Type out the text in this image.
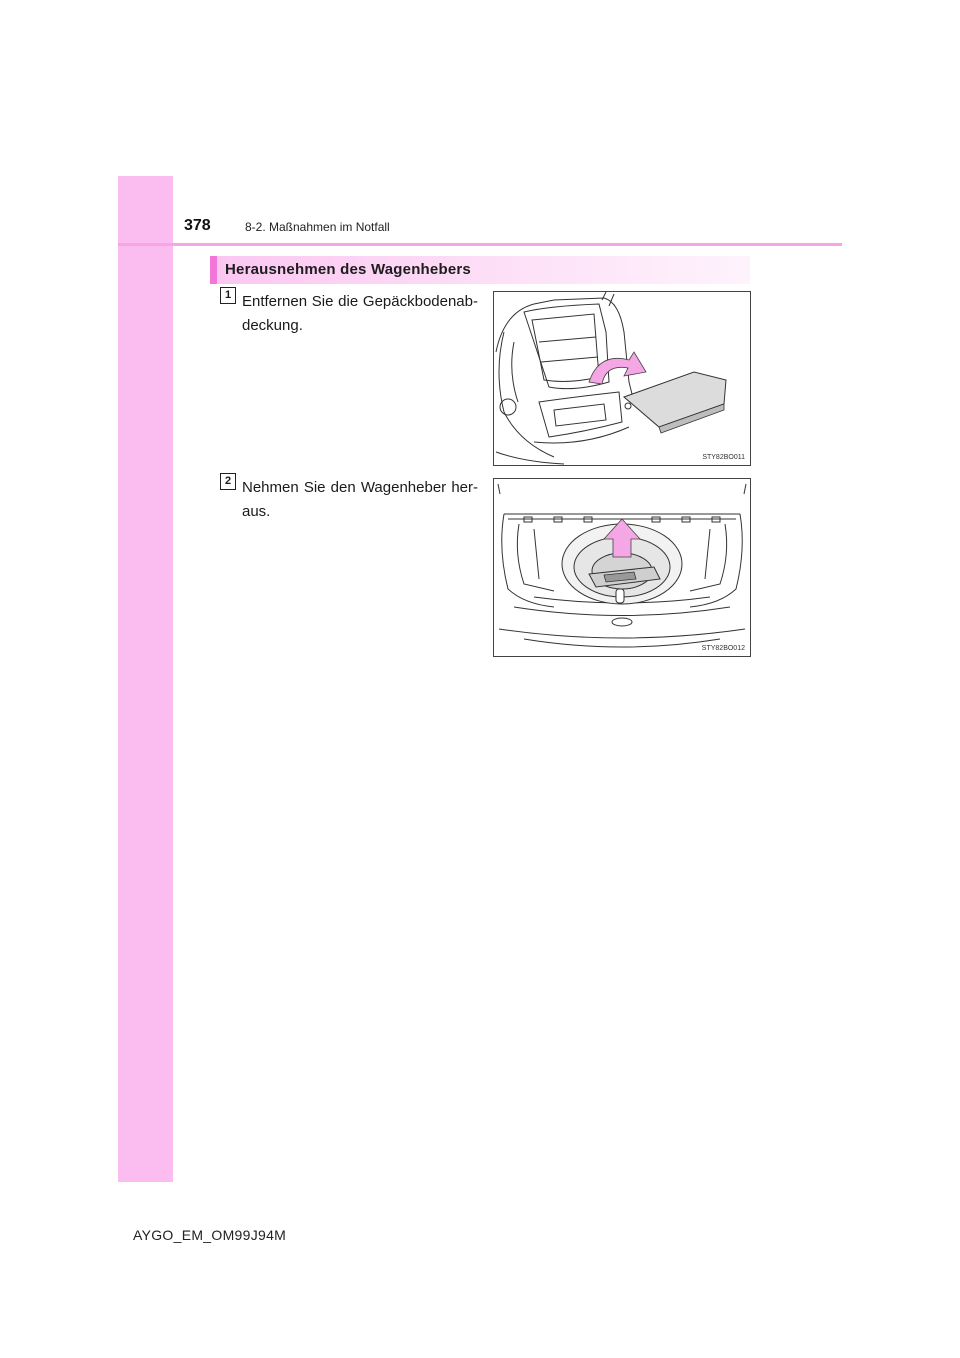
378	8-2. Maßnahmen im Notfall
Herausnehmen des Wagenhebers
1 Entfernen Sie die Gepäckbodenab-deckung.
STY82BO011
2 Nehmen Sie den Wagenheber her-aus.
STY82BO012
AYGO_EM_OM99J94M
